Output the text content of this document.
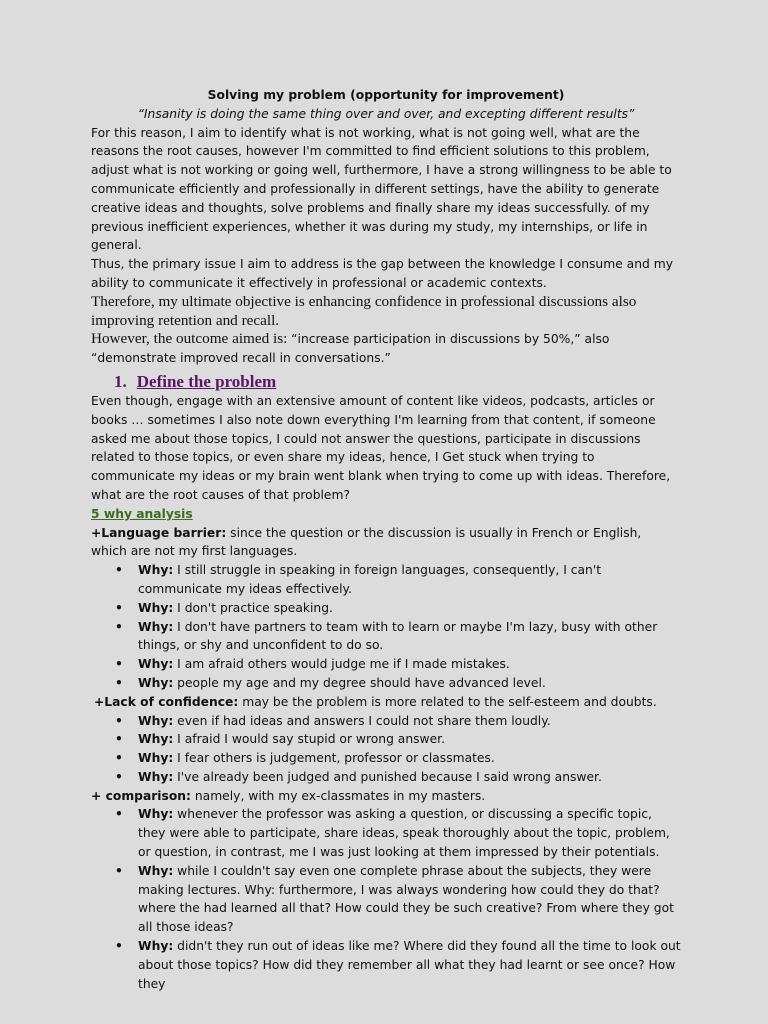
Solving my problem (opportunity for improvement)
“Insanity is doing the same thing over and over, and excepting different results”
For this reason, I aim to identify what is not working, what is not going well, what are the reasons the root causes, however I'm committed to find efficient solutions to this problem, adjust what is not working or going well, furthermore, I have a strong willingness to be able to communicate efficiently and professionally in different settings, have the ability to generate creative ideas and thoughts, solve problems and finally share my ideas successfully. of my previous inefficient experiences, whether it was during my study, my internships, or life in general.
Thus, the primary issue I aim to address is the gap between the knowledge I consume and my ability to communicate it effectively in professional or academic contexts.
Therefore, my ultimate objective is enhancing confidence in professional discussions also improving retention and recall.
However, the outcome aimed is: “increase participation in discussions by 50%,” also “demonstrate improved recall in conversations.”
1. Define the problem
Even though, engage with an extensive amount of content like videos, podcasts, articles or books … sometimes I also note down everything I'm learning from that content, if someone asked me about those topics, I could not answer the questions, participate in discussions related to those topics, or even share my ideas, hence, I Get stuck when trying to communicate my ideas or my brain went blank when trying to come up with ideas. Therefore, what are the root causes of that problem?
5 why analysis
+Language barrier: since the question or the discussion is usually in French or English, which are not my first languages.
• Why: I still struggle in speaking in foreign languages, consequently, I can't communicate my ideas effectively.
• Why: I don't practice speaking.
• Why: I don't have partners to team with to learn or maybe I'm lazy, busy with other things, or shy and unconfident to do so.
• Why: I am afraid others would judge me if I made mistakes.
• Why: people my age and my degree should have advanced level.
+Lack of confidence: may be the problem is more related to the self-esteem and doubts.
• Why: even if had ideas and answers I could not share them loudly.
• Why: I afraid I would say stupid or wrong answer.
• Why: I fear others is judgement, professor or classmates.
• Why: I've already been judged and punished because I said wrong answer.
+ comparison: namely, with my ex-classmates in my masters.
• Why: whenever the professor was asking a question, or discussing a specific topic, they were able to participate, share ideas, speak thoroughly about the topic, problem, or question, in contrast, me I was just looking at them impressed by their potentials.
• Why: while I couldn't say even one complete phrase about the subjects, they were making lectures. Why: furthermore, I was always wondering how could they do that? where the had learned all that? How could they be such creative? From where they got all those ideas?
• Why: didn't they run out of ideas like me? Where did they found all the time to look out about those topics? How did they remember all what they had learnt or see once? How they
